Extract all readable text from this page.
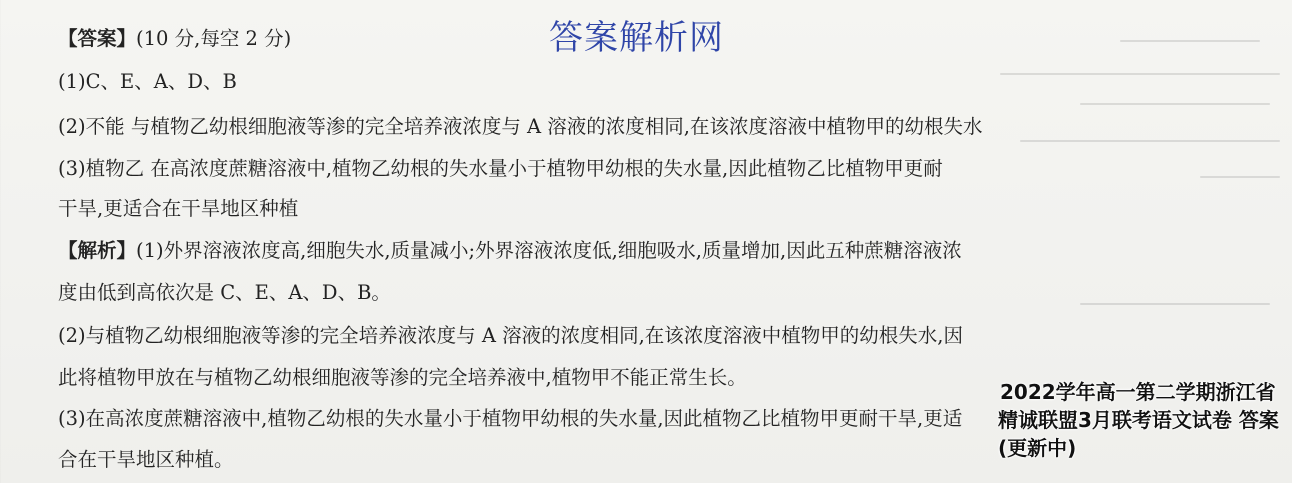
答案解析网
【答案】(10 分,每空 2 分)
(1)C、E、A、D、B
(2)不能 与植物乙幼根细胞液等渗的完全培养液浓度与 A 溶液的浓度相同,在该浓度溶液中植物甲的幼根失水
(3)植物乙 在高浓度蔗糖溶液中,植物乙幼根的失水量小于植物甲幼根的失水量,因此植物乙比植物甲更耐
干旱,更适合在干旱地区种植
【解析】(1)外界溶液浓度高,细胞失水,质量减小;外界溶液浓度低,细胞吸水,质量增加,因此五种蔗糖溶液浓
度由低到高依次是 C、E、A、D、B。
(2)与植物乙幼根细胞液等渗的完全培养液浓度与 A 溶液的浓度相同,在该浓度溶液中植物甲的幼根失水,因
此将植物甲放在与植物乙幼根细胞液等渗的完全培养液中,植物甲不能正常生长。
(3)在高浓度蔗糖溶液中,植物乙幼根的失水量小于植物甲幼根的失水量,因此植物乙比植物甲更耐干旱,更适
合在干旱地区种植。
2022学年高一第二学期浙江省
精诚联盟3月联考语文试卷 答案
(更新中)
